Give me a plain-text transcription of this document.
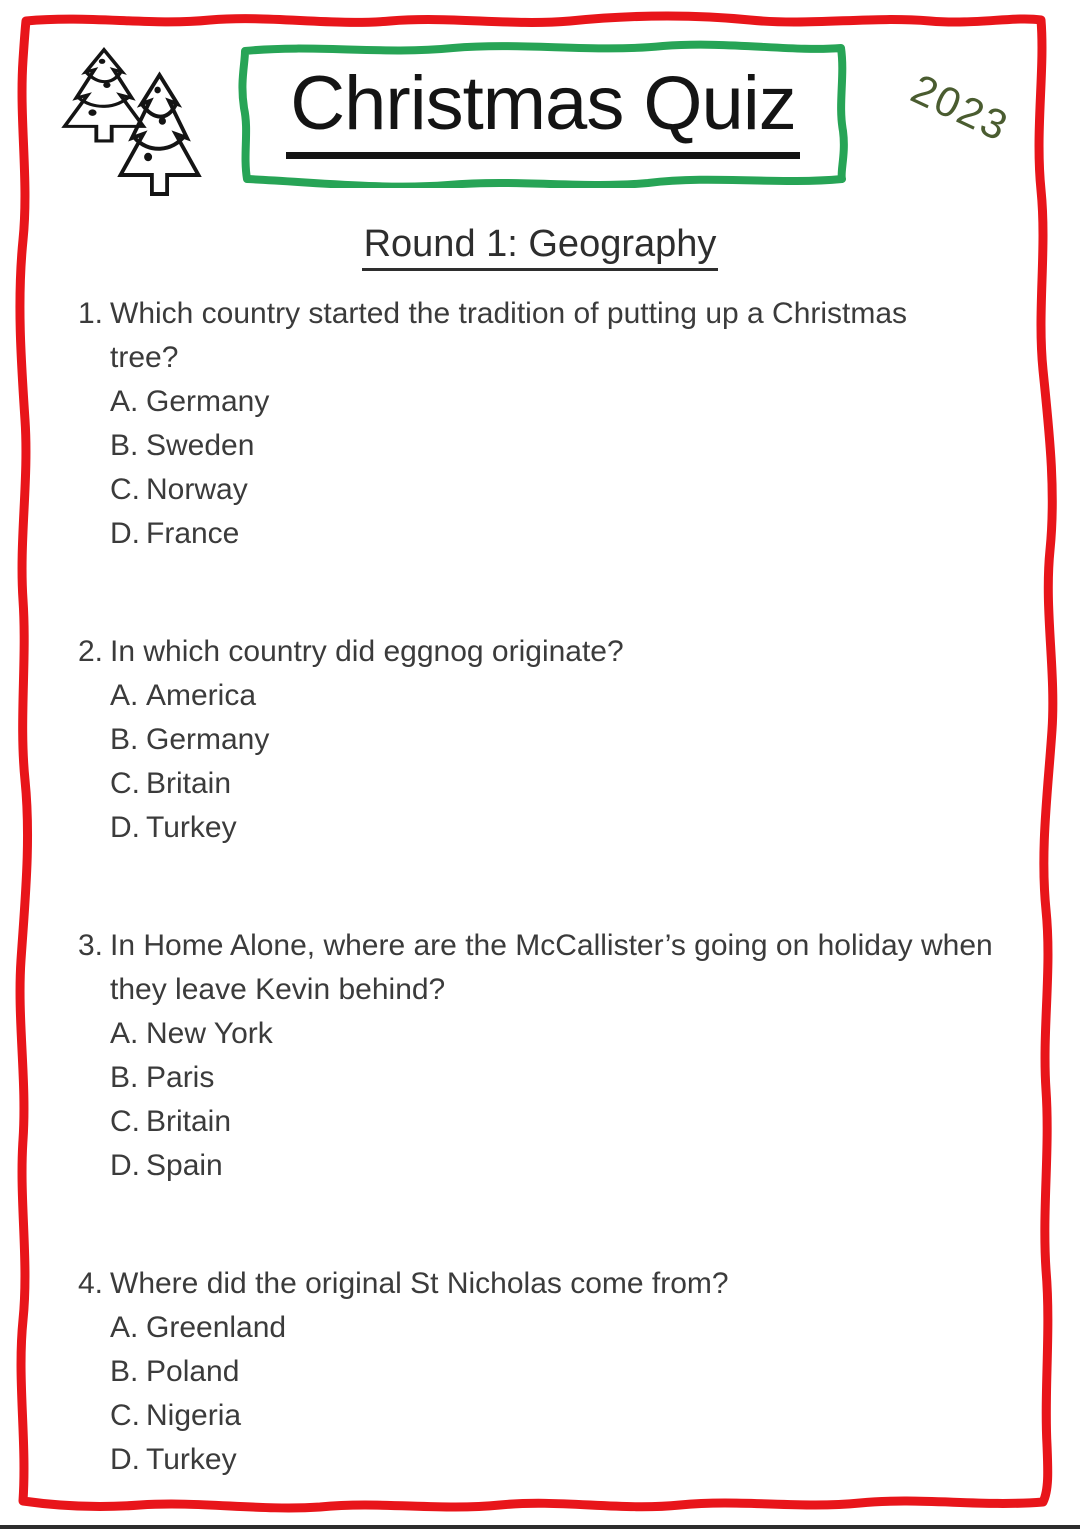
Christmas Quiz	2023
Round 1: Geography
1. Which country started the tradition of putting up a Christmas
tree?
A. Germany
B. Sweden
C. Norway
D. France
2. In which country did eggnog originate?
A. America
B. Germany
C. Britain
D. Turkey
3. In Home Alone, where are the McCallister’s going on holiday when
they leave Kevin behind?
A. New York
B. Paris
C. Britain
D. Spain
4. Where did the original St Nicholas come from?
A. Greenland
B. Poland
C. Nigeria
D. Turkey
